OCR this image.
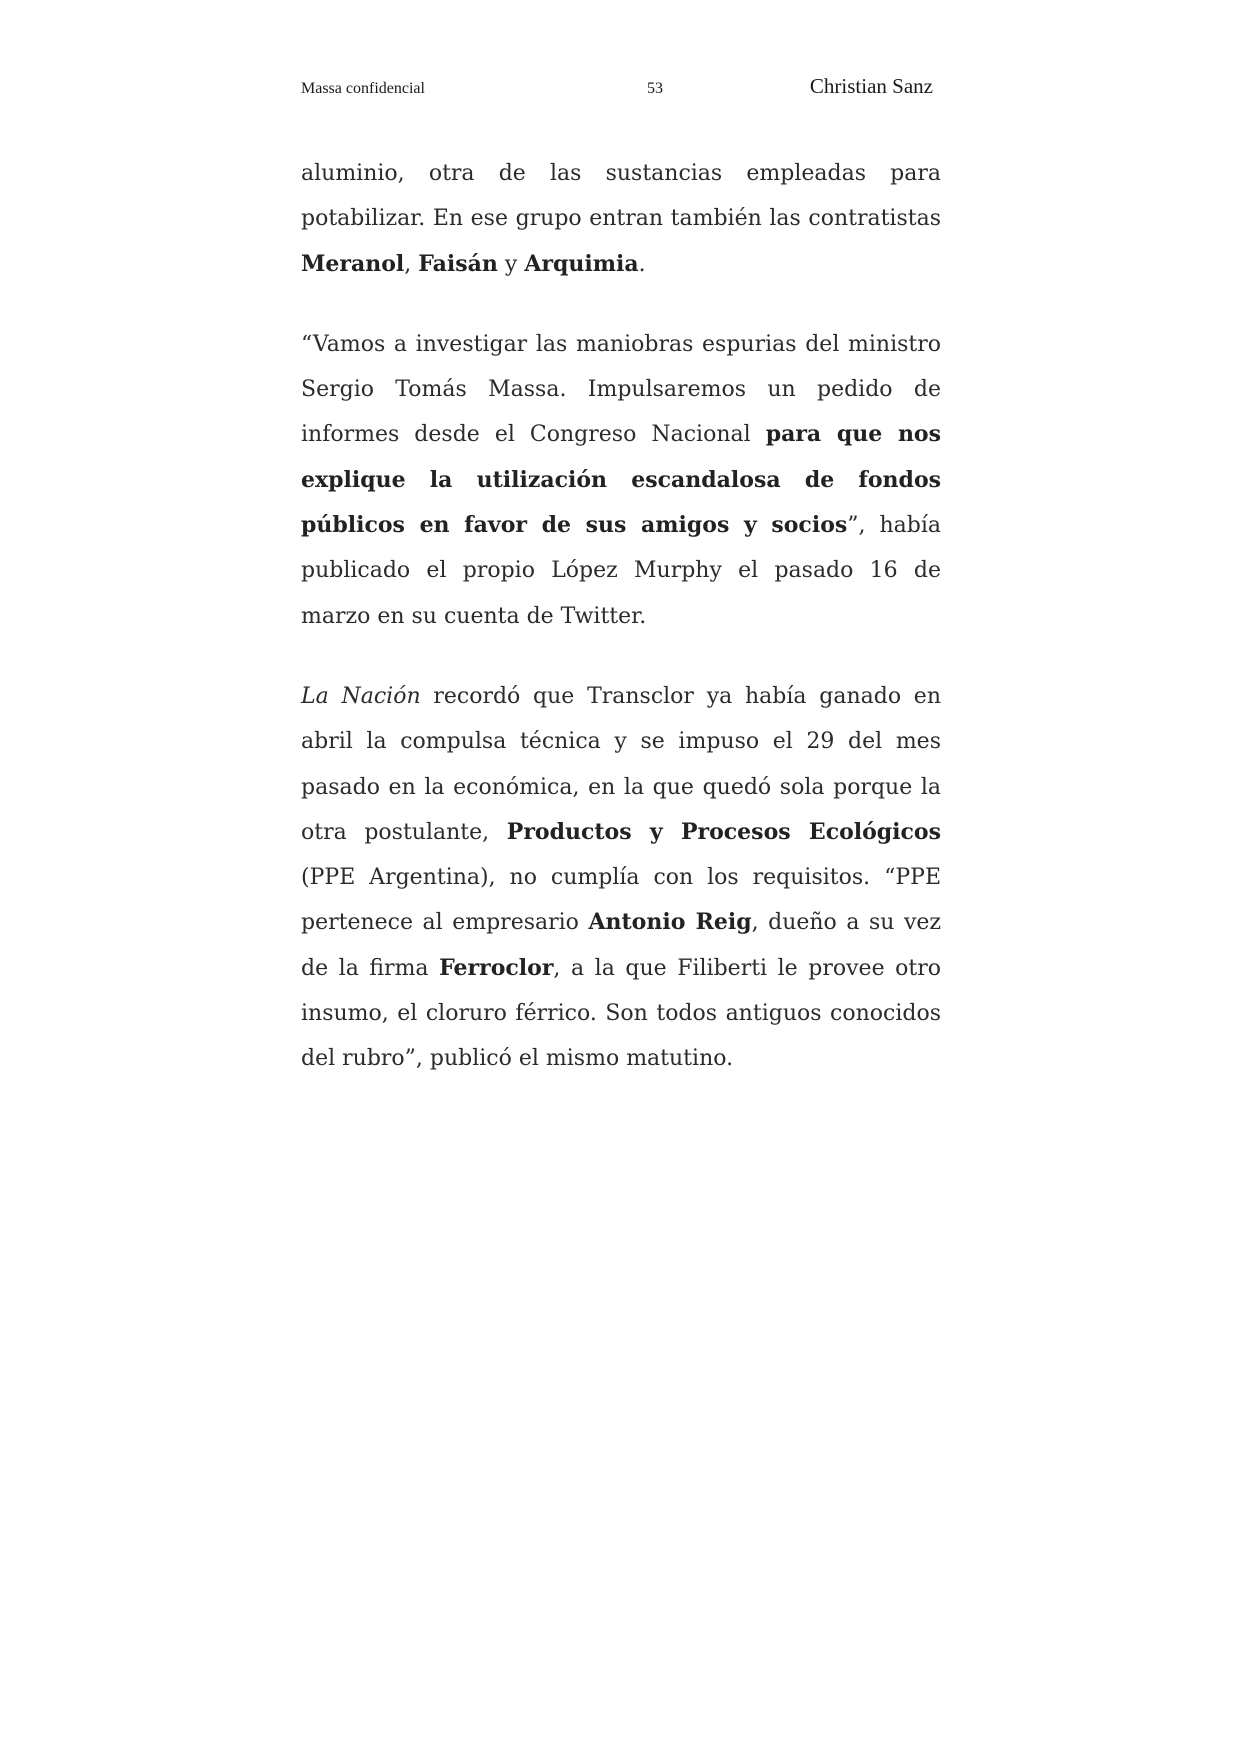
Massa confidencial	53	Christian Sanz

aluminio, otra de las sustancias empleadas para potabilizar. En ese grupo entran también las contratistas Meranol, Faisán y Arquimia.

“Vamos a investigar las maniobras espurias del ministro Sergio Tomás Massa. Impulsaremos un pedido de informes desde el Congreso Nacional para que nos explique la utilización escandalosa de fondos públicos en favor de sus amigos y socios”, había publicado el propio López Murphy el pasado 16 de marzo en su cuenta de Twitter.

La Nación recordó que Transclor ya había ganado en abril la compulsa técnica y se impuso el 29 del mes pasado en la económica, en la que quedó sola porque la otra postulante, Productos y Procesos Ecológicos (PPE Argentina), no cumplía con los requisitos. “PPE pertenece al empresario Antonio Reig, dueño a su vez de la firma Ferroclor, a la que Filiberti le provee otro insumo, el cloruro férrico. Son todos antiguos conocidos del rubro”, publicó el mismo matutino.
